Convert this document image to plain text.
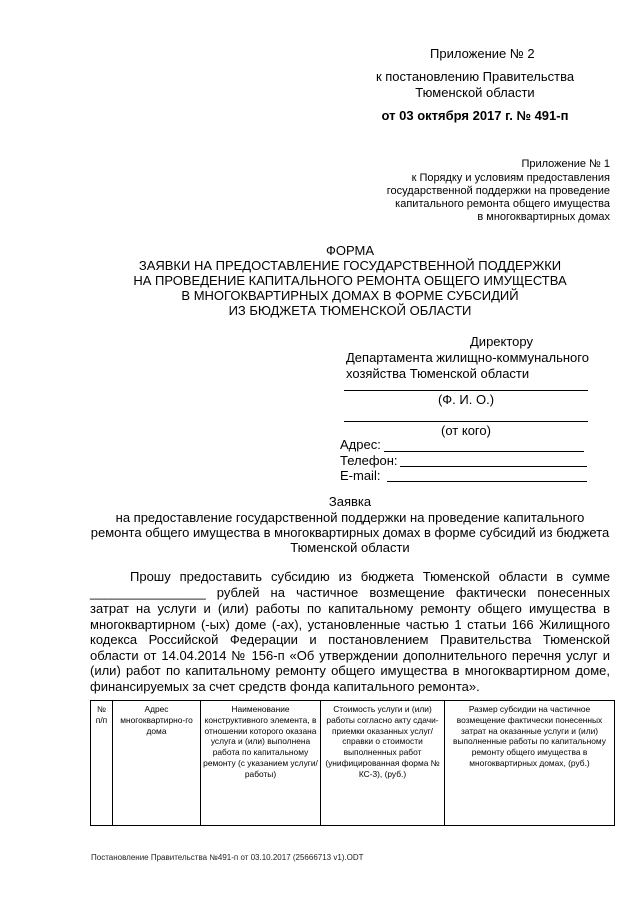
Приложение № 2
к постановлению Правительства
Тюменской области
от 03 октября 2017 г. № 491-п
Приложение № 1
к Порядку и условиям предоставления
государственной поддержки на проведение
капитального ремонта общего имущества
в многоквартирных домах
ФОРМА
ЗАЯВКИ НА ПРЕДОСТАВЛЕНИЕ ГОСУДАРСТВЕННОЙ ПОДДЕРЖКИ
НА ПРОВЕДЕНИЕ КАПИТАЛЬНОГО РЕМОНТА ОБЩЕГО ИМУЩЕСТВА
В МНОГОКВАРТИРНЫХ ДОМАХ В ФОРМЕ СУБСИДИЙ
ИЗ БЮДЖЕТА ТЮМЕНСКОЙ ОБЛАСТИ
Директору
Департамента жилищно-коммунального
хозяйства Тюменской области
(Ф. И. О.)
(от кого)
Адрес:
Телефон:
E-mail:
Заявка
на предоставление государственной поддержки на проведение капитального
ремонта общего имущества в многоквартирных домах в форме субсидий из бюджета
Тюменской области
Прошу предоставить субсидию из бюджета Тюменской области в сумме
________________ рублей на частичное возмещение фактически понесенных
затрат на услуги и (или) работы по капитальному ремонту общего имущества в многоквартирном (-ых) доме (-ах), установленные частью 1 статьи 166 Жилищного кодекса Российской Федерации и постановлением Правительства Тюменской области от 14.04.2014 № 156-п «Об утверждении дополнительного перечня услуг и (или) работ по капитальному ремонту общего имущества в многоквартирном доме, финансируемых за счет средств фонда капитального ремонта».
№ п/п	Адрес многоквартирно-го дома	Наименование конструктивного элемента, в отношении которого оказана услуга и (или) выполнена работа по капитальному ремонту (с указанием услуги/работы)	Стоимость услуги и (или) работы согласно акту сдачи-приемки оказанных услуг/справки о стоимости выполненных работ (унифицированная форма № КС-3), (руб.)	Размер субсидии на частичное возмещение фактически понесенных затрат на оказанные услуги и (или) выполненные работы по капитальному ремонту общего имущества в многоквартирных домах, (руб.)
Постановление Правительства №491-п от 03.10.2017 (25666713 v1).ODT
